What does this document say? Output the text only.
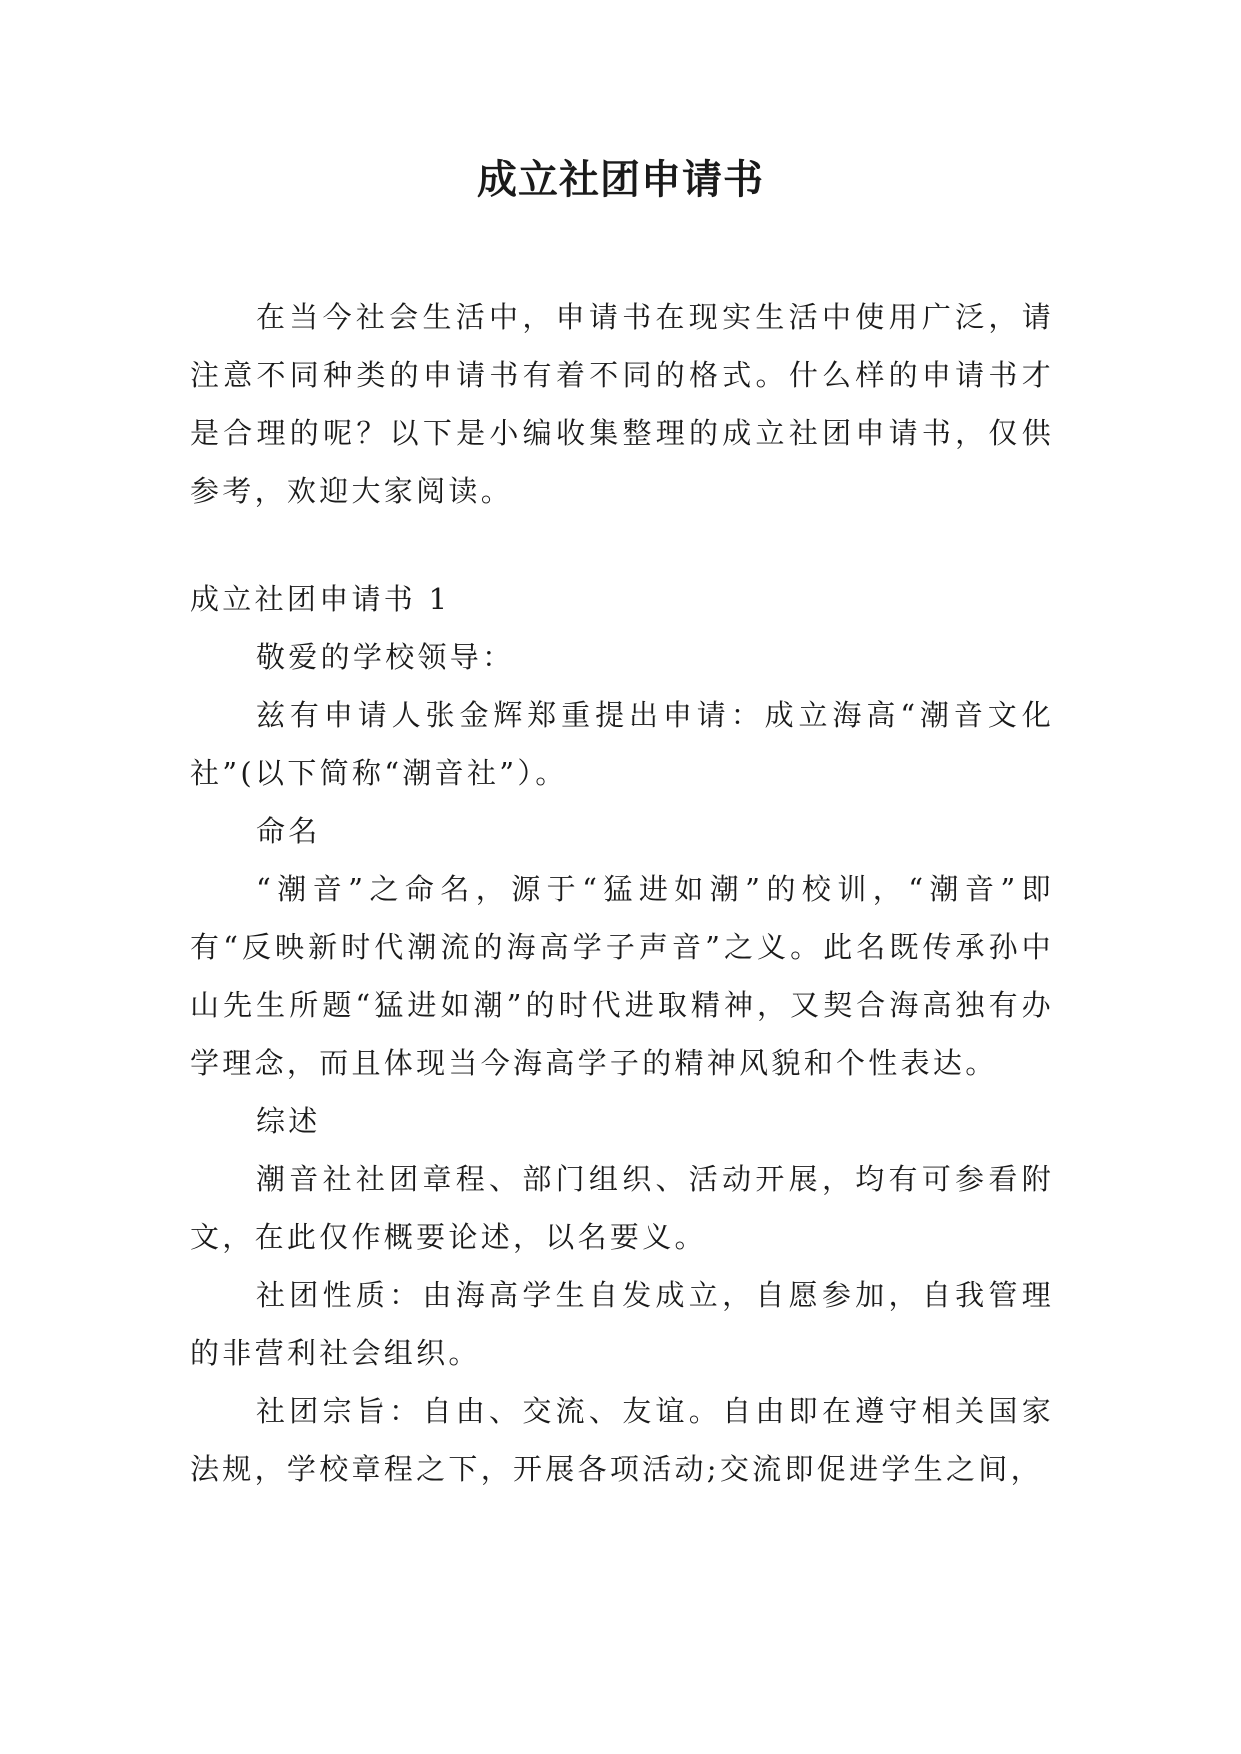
成立社团申请书

在当今社会生活中，申请书在现实生活中使用广泛，请注意不同种类的申请书有着不同的格式。什么样的申请书才是合理的呢？以下是小编收集整理的成立社团申请书，仅供参考，欢迎大家阅读。

成立社团申请书 1

敬爱的学校领导：

兹有申请人张金辉郑重提出申请：成立海高“潮音文化社”(以下简称“潮音社”）。

命名

“潮音”之命名，源于“猛进如潮”的校训，“潮音”即有“反映新时代潮流的海高学子声音”之义。此名既传承孙中山先生所题“猛进如潮”的时代进取精神，又契合海高独有办学理念，而且体现当今海高学子的精神风貌和个性表达。

综述

潮音社社团章程、部门组织、活动开展，均有可参看附文，在此仅作概要论述，以名要义。

社团性质：由海高学生自发成立，自愿参加，自我管理的非营利社会组织。

社团宗旨：自由、交流、友谊。自由即在遵守相关国家法规，学校章程之下，开展各项活动;交流即促进学生之间，
